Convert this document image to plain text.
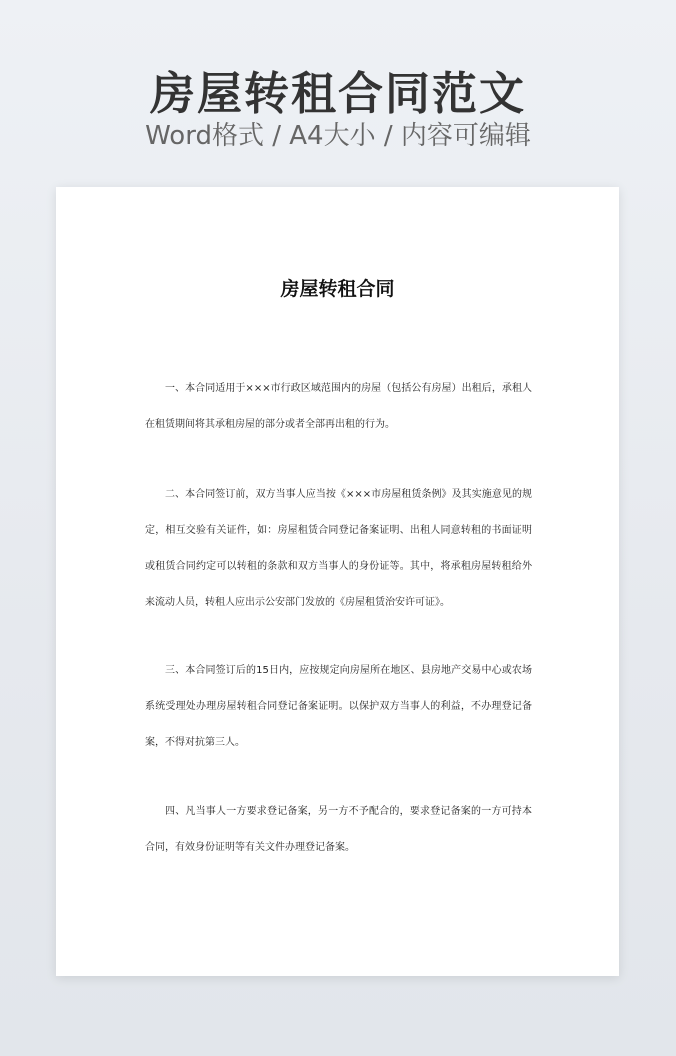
房屋转租合同范文
Word格式 / A4大小 / 内容可编辑
房屋转租合同

一、本合同适用于×××市行政区域范围内的房屋（包括公有房屋）出租后，承租人在租赁期间将其承租房屋的部分或者全部再出租的行为。

二、本合同签订前，双方当事人应当按《×××市房屋租赁条例》及其实施意见的规定，相互交验有关证件，如：房屋租赁合同登记备案证明、出租人同意转租的书面证明或租赁合同约定可以转租的条款和双方当事人的身份证等。其中，将承租房屋转租给外来流动人员，转租人应出示公安部门发放的《房屋租赁治安许可证》。

三、本合同签订后的15日内，应按规定向房屋所在地区、县房地产交易中心或农场系统受理处办理房屋转租合同登记备案证明。以保护双方当事人的利益，不办理登记备案，不得对抗第三人。

四、凡当事人一方要求登记备案，另一方不予配合的，要求登记备案的一方可持本合同，有效身份证明等有关文件办理登记备案。
